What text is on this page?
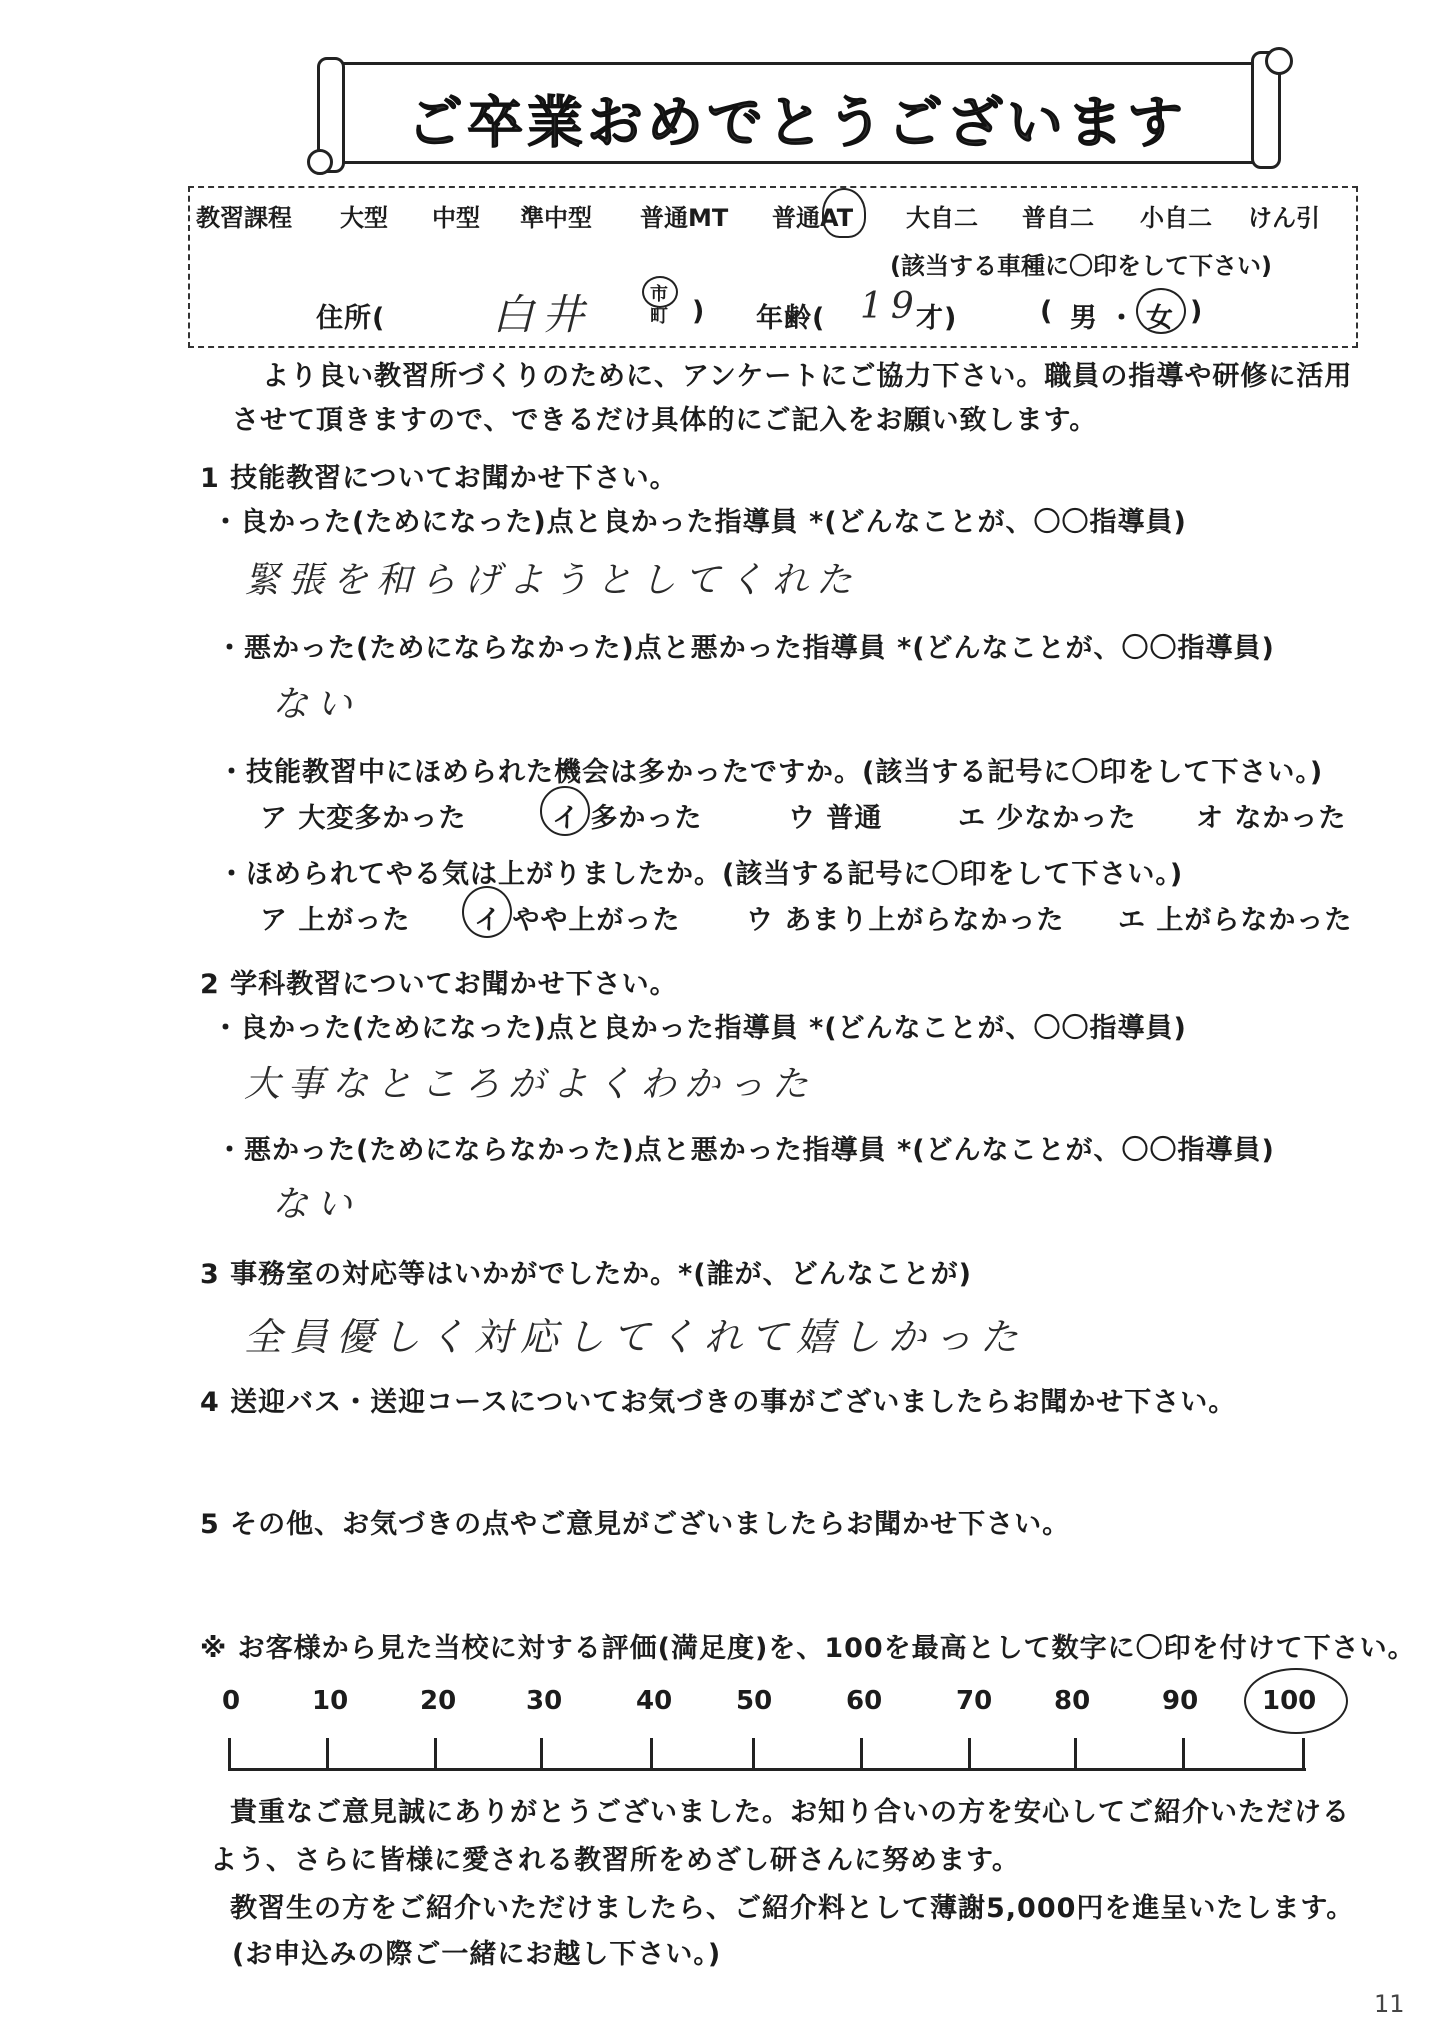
ご卒業おめでとうございます
教習課程 大型 中型 準中型 普通MT 普通AT 大自二 普自二 小自二 けん引
(該当する車種に〇印をして下さい)
住所(	白井	市
町 ) 年齢( 19
才)	( 男 ・ 女 )
より良い教習所づくりのために、アンケートにご協力下さい。職員の指導や研修に活用
させて頂きますので、できるだけ具体的にご記入をお願い致します。
1 技能教習についてお聞かせ下さい。
・良かった(ためになった)点と良かった指導員 *(どんなことが、〇〇指導員)
緊張を和らげようとしてくれた
・悪かった(ためにならなかった)点と悪かった指導員 *(どんなことが、〇〇指導員)
ない
・技能教習中にほめられた機会は多かったですか。(該当する記号に〇印をして下さい。)
ア 大変多かった	イ 多かった	ウ 普通	エ 少なかった オ なかった
・ほめられてやる気は上がりましたか。(該当する記号に〇印をして下さい。)
ア 上がった イ やや上がった ウ あまり上がらなかった エ 上がらなかった
2 学科教習についてお聞かせ下さい。
・良かった(ためになった)点と良かった指導員 *(どんなことが、〇〇指導員)
大事なところがよくわかった
・悪かった(ためにならなかった)点と悪かった指導員 *(どんなことが、〇〇指導員)
ない
3 事務室の対応等はいかがでしたか。*(誰が、どんなことが)
全員優しく対応してくれて嬉しかった
4 送迎バス・送迎コースについてお気づきの事がございましたらお聞かせ下さい。
5 その他、お気づきの点やご意見がございましたらお聞かせ下さい。
※ お客様から見た当校に対する評価(満足度)を、100を最高として数字に〇印を付けて下さい。
0	10	20	30	40 50	60	70 80	90 100
貴重なご意見誠にありがとうございました。お知り合いの方を安心してご紹介いただける
よう、さらに皆様に愛される教習所をめざし研さんに努めます。
教習生の方をご紹介いただけましたら、ご紹介料として薄謝5,000円を進呈いたします。
(お申込みの際ご一緒にお越し下さい。)
11
